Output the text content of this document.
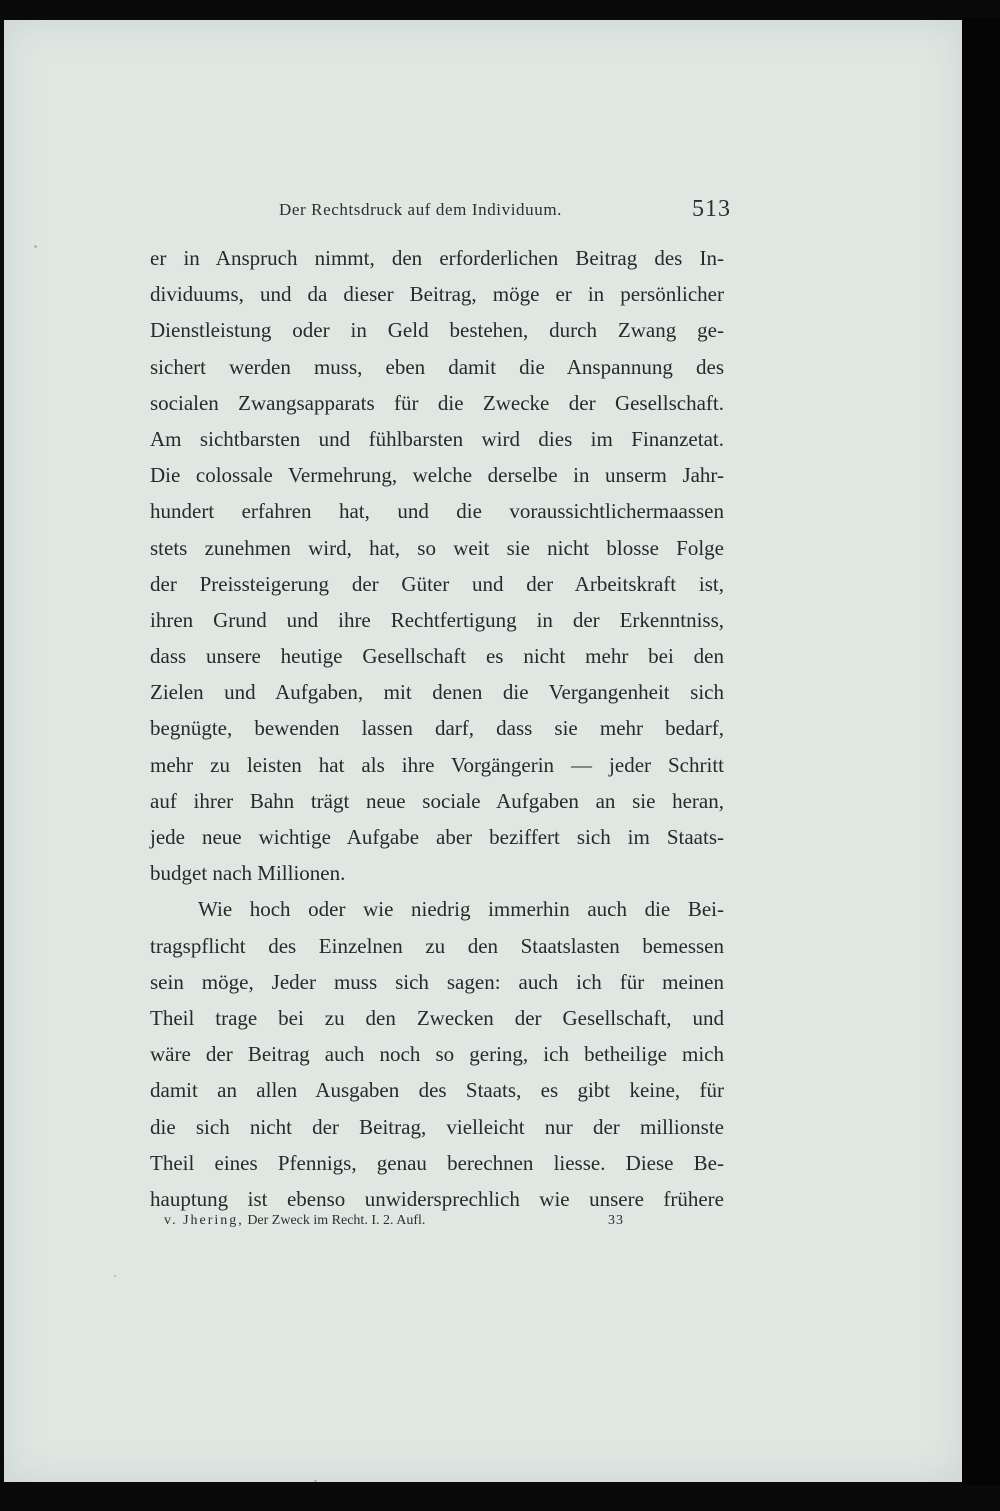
Der Rechtsdruck auf dem Individuum.	513
er in Anspruch nimmt, den erforderlichen Beitrag des In-
dividuums, und da dieser Beitrag, möge er in persönlicher
Dienstleistung oder in Geld bestehen, durch Zwang ge-
sichert werden muss, eben damit die Anspannung des
socialen Zwangsapparats für die Zwecke der Gesellschaft.
Am sichtbarsten und fühlbarsten wird dies im Finanzetat.
Die colossale Vermehrung, welche derselbe in unserm Jahr-
hundert erfahren hat, und die voraussichtlichermaassen
stets zunehmen wird, hat, so weit sie nicht blosse Folge
der Preissteigerung der Güter und der Arbeitskraft ist,
ihren Grund und ihre Rechtfertigung in der Erkenntniss,
dass unsere heutige Gesellschaft es nicht mehr bei den
Zielen und Aufgaben, mit denen die Vergangenheit sich
begnügte, bewenden lassen darf, dass sie mehr bedarf,
mehr zu leisten hat als ihre Vorgängerin — jeder Schritt
auf ihrer Bahn trägt neue sociale Aufgaben an sie heran,
jede neue wichtige Aufgabe aber beziffert sich im Staats-
budget nach Millionen.
Wie hoch oder wie niedrig immerhin auch die Bei-
tragspflicht des Einzelnen zu den Staatslasten bemessen
sein möge, Jeder muss sich sagen: auch ich für meinen
Theil trage bei zu den Zwecken der Gesellschaft, und
wäre der Beitrag auch noch so gering, ich betheilige mich
damit an allen Ausgaben des Staats, es gibt keine, für
die sich nicht der Beitrag, vielleicht nur der millionste
Theil eines Pfennigs, genau berechnen liesse. Diese Be-
hauptung ist ebenso unwidersprechlich wie unsere frühere
v. Jhering, Der Zweck im Recht. I. 2. Aufl.	33
